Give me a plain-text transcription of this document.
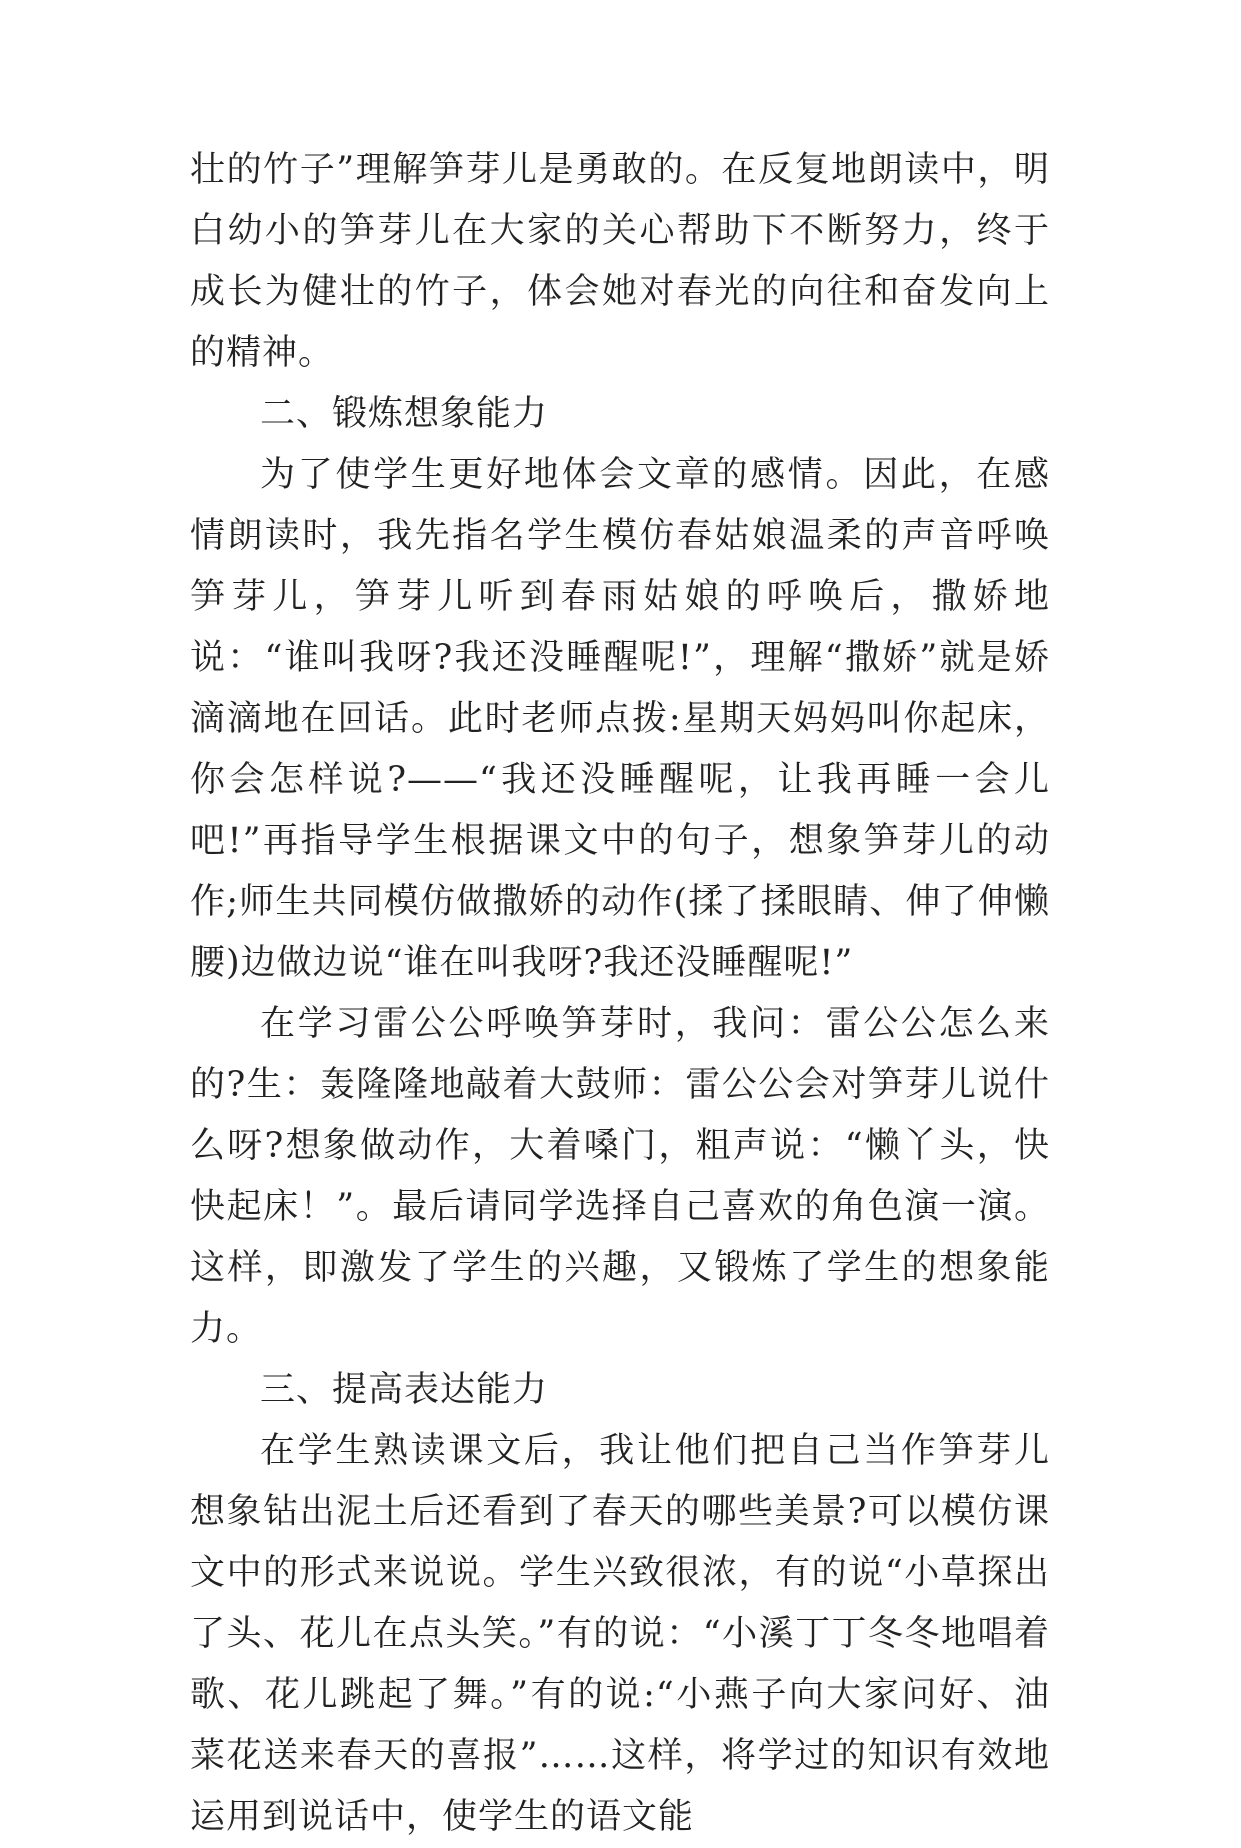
壮的竹子”理解笋芽儿是勇敢的。在反复地朗读中，明白幼小的笋芽儿在大家的关心帮助下不断努力，终于成长为健壮的竹子，体会她对春光的向往和奋发向上的精神。

二、锻炼想象能力

为了使学生更好地体会文章的感情。因此，在感情朗读时，我先指名学生模仿春姑娘温柔的声音呼唤笋芽儿，笋芽儿听到春雨姑娘的呼唤后，撒娇地说：“谁叫我呀?我还没睡醒呢!”，理解“撒娇”就是娇滴滴地在回话。此时老师点拨:星期天妈妈叫你起床，你会怎样说?——“我还没睡醒呢，让我再睡一会儿吧!”再指导学生根据课文中的句子，想象笋芽儿的动作;师生共同模仿做撒娇的动作(揉了揉眼睛、伸了伸懒腰)边做边说“谁在叫我呀?我还没睡醒呢!”

在学习雷公公呼唤笋芽时，我问：雷公公怎么来的?生：轰隆隆地敲着大鼓师：雷公公会对笋芽儿说什么呀?想象做动作，大着嗓门，粗声说：“懒丫头，快快起床！”。最后请同学选择自己喜欢的角色演一演。这样，即激发了学生的兴趣，又锻炼了学生的想象能力。

三、提高表达能力

在学生熟读课文后，我让他们把自己当作笋芽儿想象钻出泥土后还看到了春天的哪些美景?可以模仿课文中的形式来说说。学生兴致很浓，有的说“小草探出了头、花儿在点头笑。”有的说：“小溪丁丁冬冬地唱着歌、花儿跳起了舞。”有的说:“小燕子向大家问好、油菜花送来春天的喜报”……这样，将学过的知识有效地运用到说话中，使学生的语文能
